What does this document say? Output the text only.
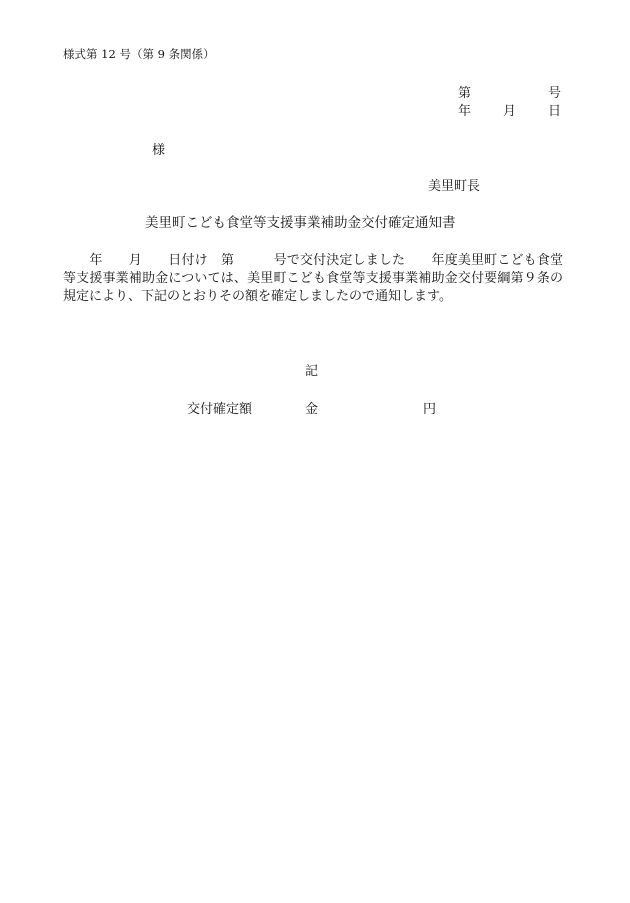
様式第 12 号（第 9 条関係）
第	号
年 月 日
様
美里町長
美里町こども食堂等支援事業補助金交付確定通知書
　　年　　月　　日付け　第　　　号で交付決定しました　　年度美里町こども食堂等支援事業補助金については、美里町こども食堂等支援事業補助金交付要綱第９条の規定により、下記のとおりその額を確定しましたので通知します。
記
交付確定額	金	円
